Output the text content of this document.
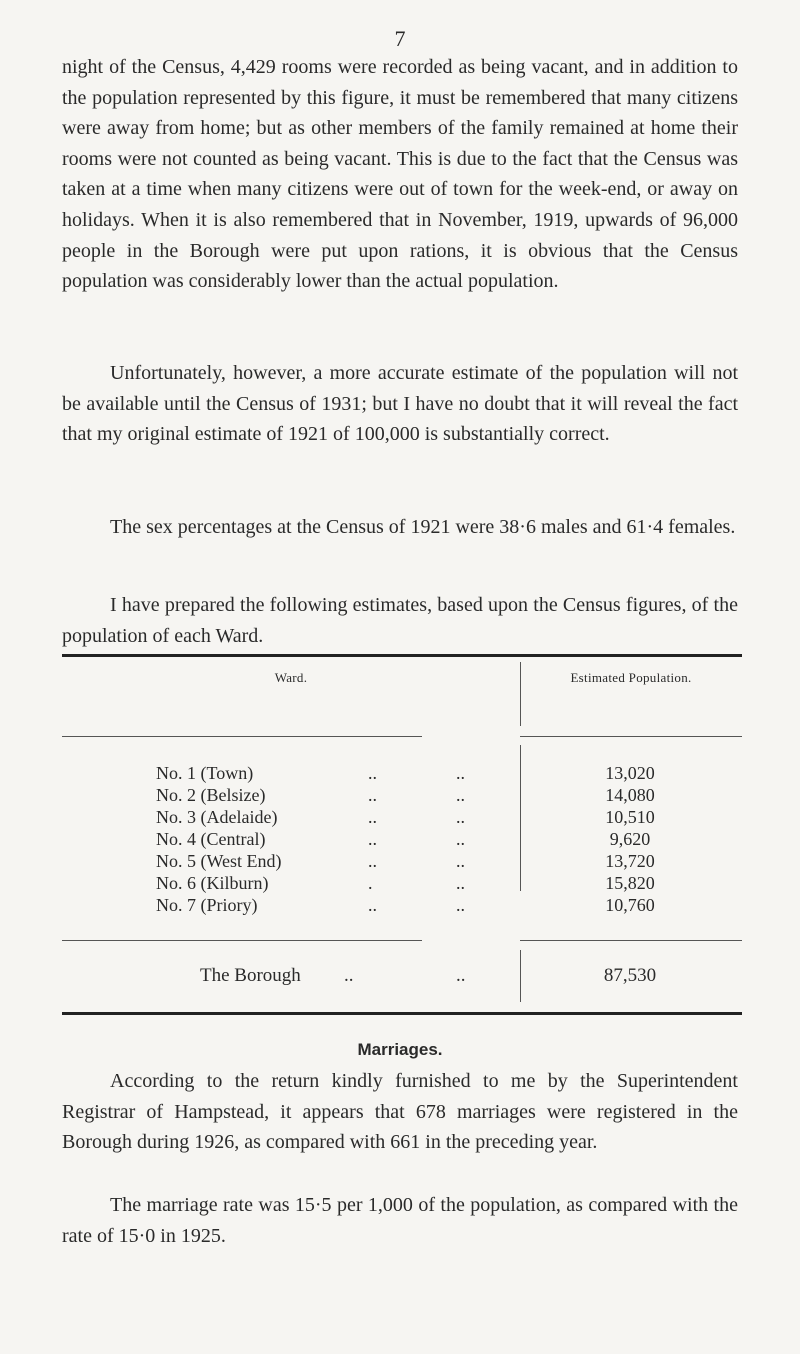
7

night of the Census, 4,429 rooms were recorded as being vacant, and in addition to the population represented by this figure, it must be remembered that many citizens were away from home; but as other members of the family remained at home their rooms were not counted as being vacant. This is due to the fact that the Census was taken at a time when many citizens were out of town for the week-end, or away on holidays. When it is also remembered that in November, 1919, upwards of 96,000 people in the Borough were put upon rations, it is obvious that the Census population was considerably lower than the actual population.

Unfortunately, however, a more accurate estimate of the population will not be available until the Census of 1931; but I have no doubt that it will reveal the fact that my original estimate of 1921 of 100,000 is substantially correct.

The sex percentages at the Census of 1921 were 38·6 males and 61·4 females.

I have prepared the following estimates, based upon the Census figures, of the population of each Ward.

Ward.	Estimated Population.
No. 1 (Town)	..	..	13,020
No. 2 (Belsize)	..	..	14,080
No. 3 (Adelaide)	..	..	10,510
No. 4 (Central)	..	..	9,620
No. 5 (West End)	..	..	13,720
No. 6 (Kilburn)	.	..	15,820
No. 7 (Priory)	..	..	10,760
The Borough ..	..	87,530
Marriages.

According to the return kindly furnished to me by the Superintendent Registrar of Hampstead, it appears that 678 marriages were registered in the Borough during 1926, as compared with 661 in the preceding year.

The marriage rate was 15·5 per 1,000 of the population, as compared with the rate of 15·0 in 1925.
